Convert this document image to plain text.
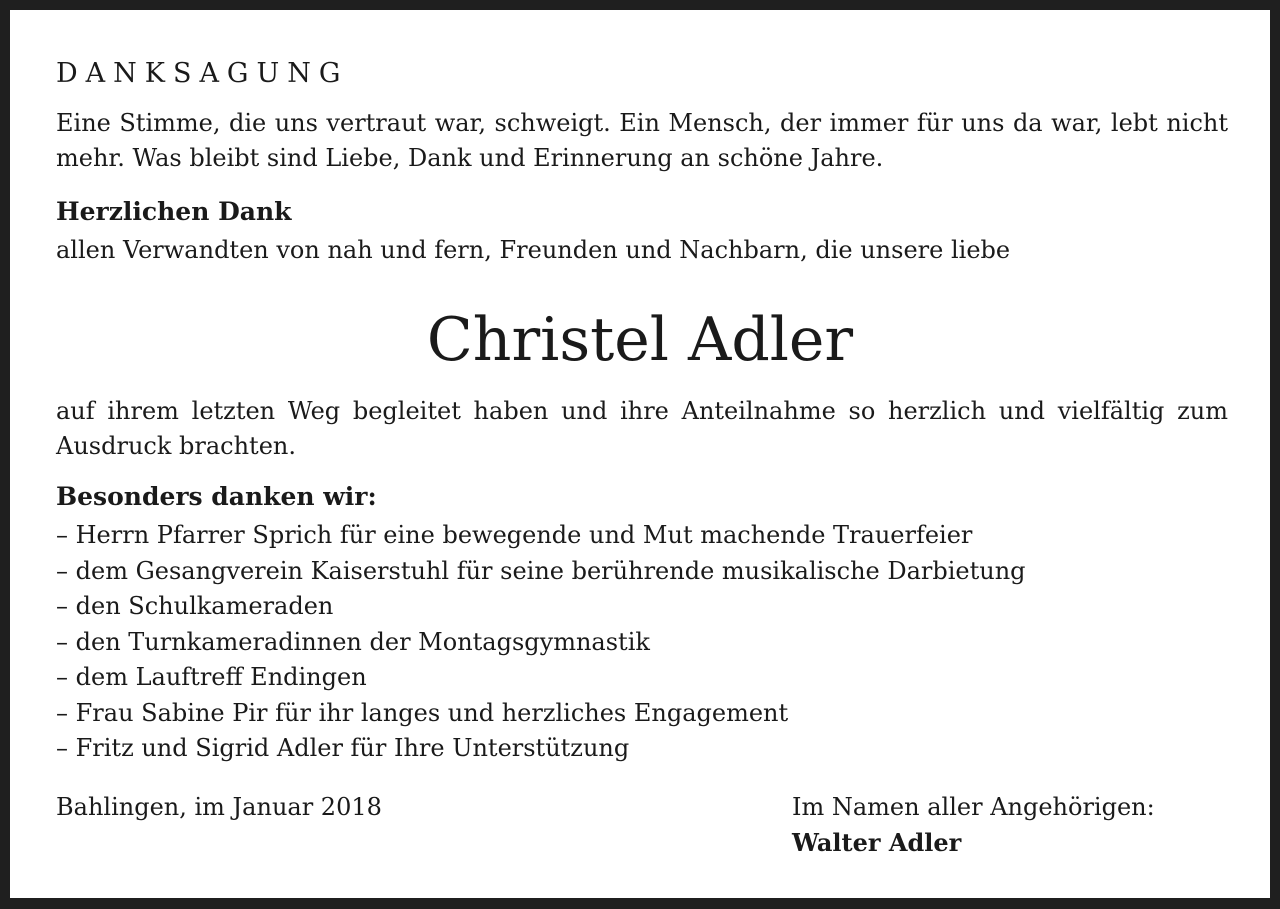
DANKSAGUNG
Eine Stimme, die uns vertraut war, schweigt. Ein Mensch, der immer für uns da war, lebt nicht mehr. Was bleibt sind Liebe, Dank und Erinnerung an schöne Jahre.
Herzlichen Dank
allen Verwandten von nah und fern, Freunden und Nachbarn, die unsere liebe
Christel Adler
auf ihrem letzten Weg begleitet haben und ihre Anteilnahme so herzlich und vielfältig zum Ausdruck brachten.
Besonders danken wir:
– Herrn Pfarrer Sprich für eine bewegende und Mut machende Trauerfeier
– dem Gesangverein Kaiserstuhl für seine berührende musikalische Darbietung
– den Schulkameraden
– den Turnkameradinnen der Montagsgymnastik
– dem Lauftreff Endingen
– Frau Sabine Pir für ihr langes und herzliches Engagement
– Fritz und Sigrid Adler für Ihre Unterstützung
Bahlingen, im Januar 2018	Im Namen aller Angehörigen:
Walter Adler
